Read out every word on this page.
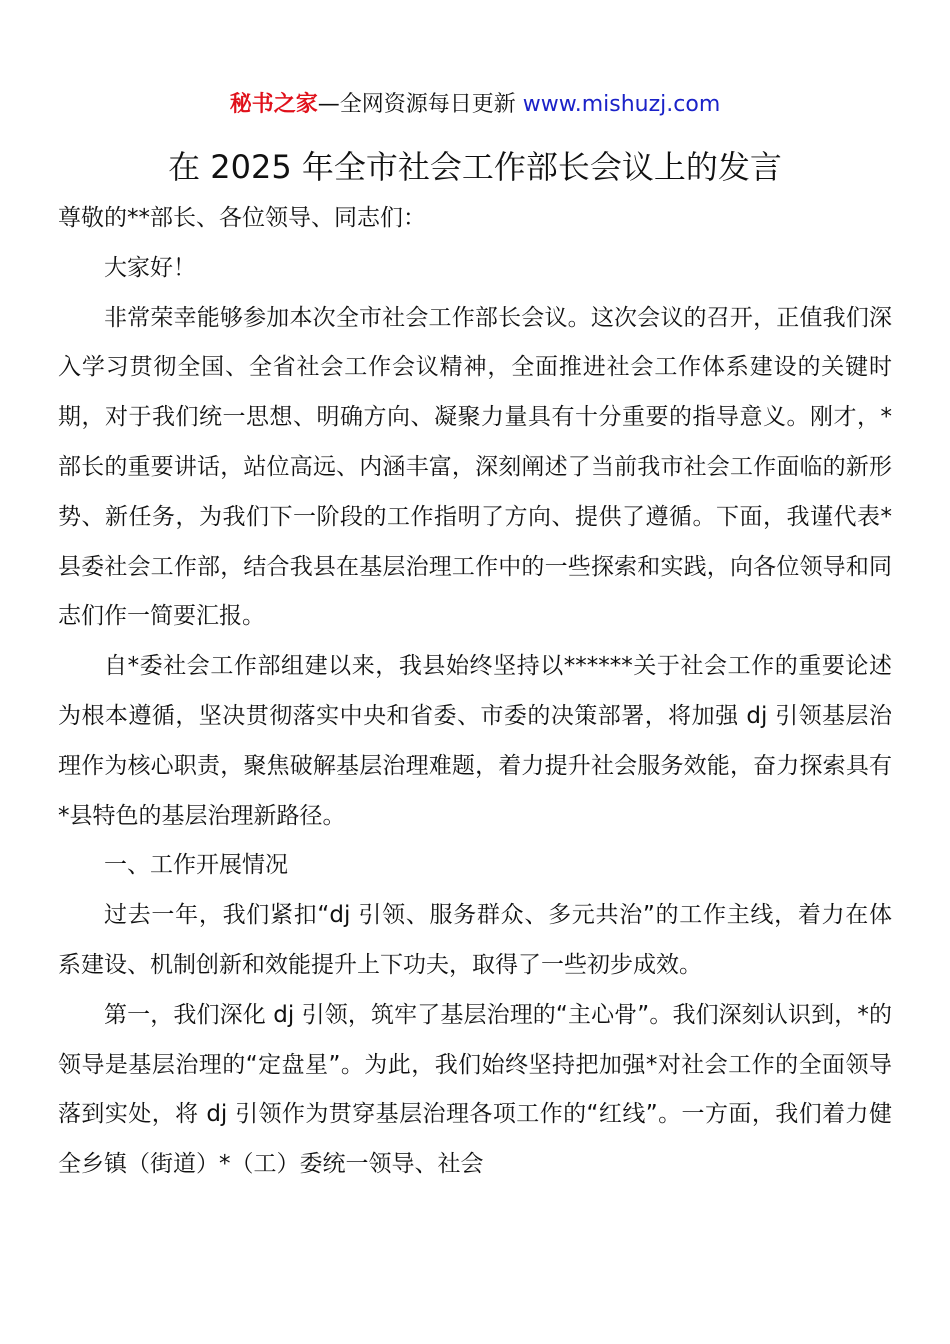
秘书之家—全网资源每日更新 www.mishuzj.com
在 2025 年全市社会工作部长会议上的发言

尊敬的**部长、各位领导、同志们：

大家好！

非常荣幸能够参加本次全市社会工作部长会议。这次会议的召开，正值我们深入学习贯彻全国、全省社会工作会议精神，全面推进社会工作体系建设的关键时期，对于我们统一思想、明确方向、凝聚力量具有十分重要的指导意义。刚才，*部长的重要讲话，站位高远、内涵丰富，深刻阐述了当前我市社会工作面临的新形势、新任务，为我们下一阶段的工作指明了方向、提供了遵循。下面，我谨代表*县委社会工作部，结合我县在基层治理工作中的一些探索和实践，向各位领导和同志们作一简要汇报。

自*委社会工作部组建以来，我县始终坚持以******关于社会工作的重要论述为根本遵循，坚决贯彻落实中央和省委、市委的决策部署，将加强 dj 引领基层治理作为核心职责，聚焦破解基层治理难题，着力提升社会服务效能，奋力探索具有*县特色的基层治理新路径。

一、工作开展情况

过去一年，我们紧扣“dj 引领、服务群众、多元共治”的工作主线，着力在体系建设、机制创新和效能提升上下功夫，取得了一些初步成效。

第一，我们深化 dj 引领，筑牢了基层治理的“主心骨”。我们深刻认识到，*的领导是基层治理的“定盘星”。为此，我们始终坚持把加强*对社会工作的全面领导落到实处，将 dj 引领作为贯穿基层治理各项工作的“红线”。一方面，我们着力健全乡镇（街道）*（工）委统一领导、社会
